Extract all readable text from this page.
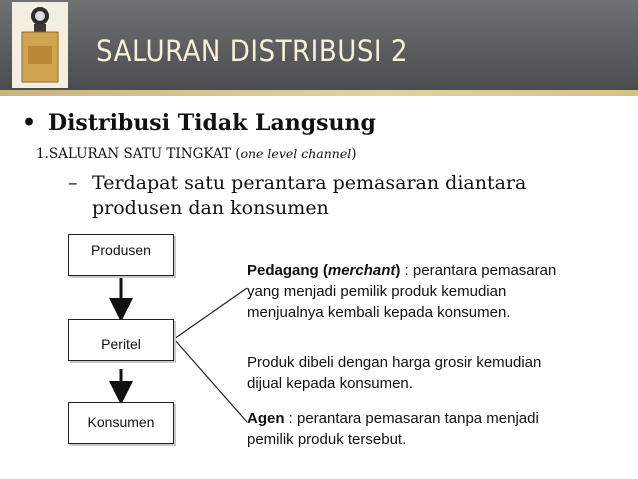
SALURAN DISTRIBUSI 2
• Distribusi Tidak Langsung
1.SALURAN SATU TINGKAT (one level channel)
– Terdapat satu perantara pemasaran diantara produsen dan konsumen
Produsen
Peritel
Konsumen
Pedagang (merchant) : perantara pemasaran yang menjadi pemilik produk kemudian menjualnya kembali kepada konsumen.
Produk dibeli dengan harga grosir kemudian dijual kepada konsumen.
Agen : perantara pemasaran tanpa menjadi pemilik produk tersebut.
